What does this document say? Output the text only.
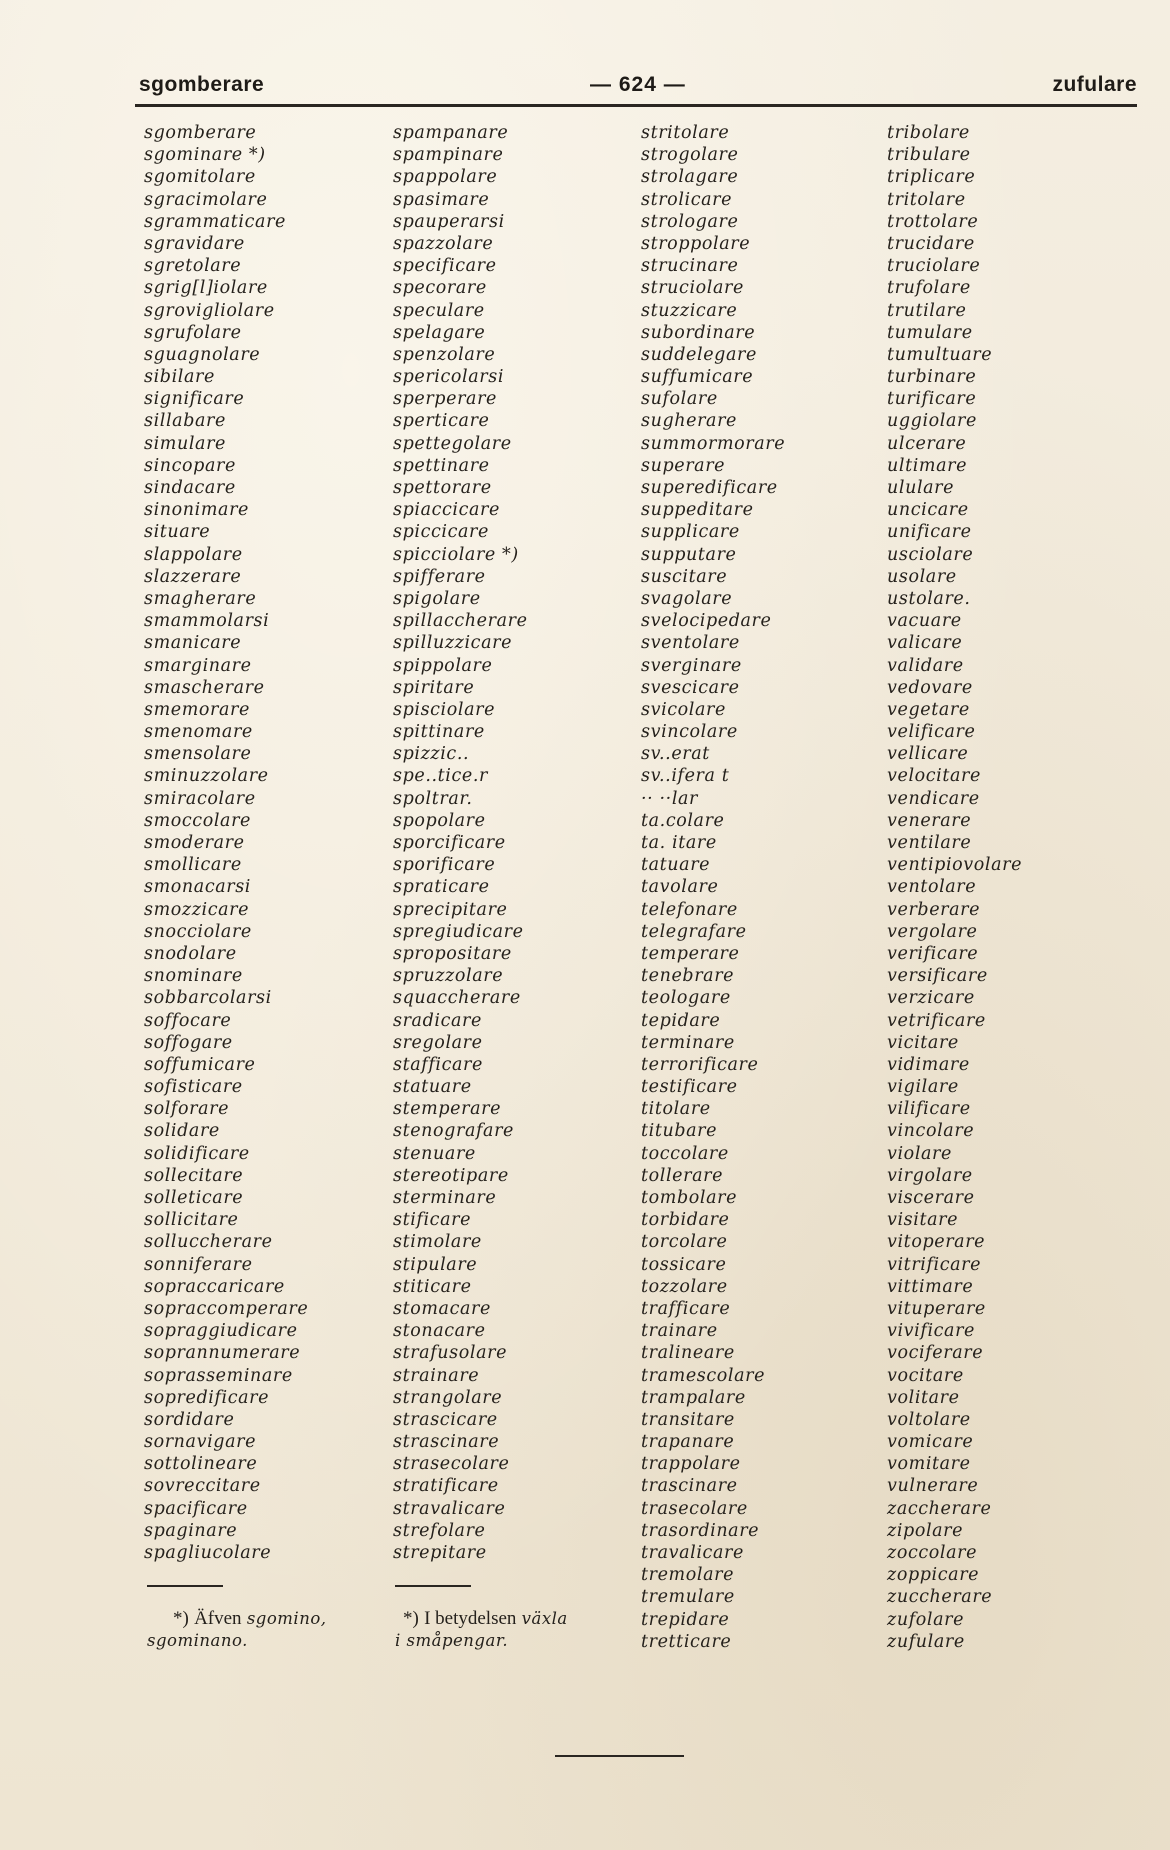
sgomberare	— 624 —	zufulare
sgomberare
sgominare *)
sgomitolare
sgracimolare
sgrammaticare
sgravidare
sgretolare
sgrig[l]iolare
sgrovigliolare
sgrufolare
sguagnolare
sibilare
significare
sillabare
simulare
sincopare
sindacare
sinonimare
situare
slappolare
slazzerare
smagherare
smammolarsi
smanicare
smarginare
smascherare
smemorare
smenomare
smensolare
sminuzzolare
smiracolare
smoccolare
smoderare
smollicare
smonacarsi
smozzicare
snocciolare
snodolare
snominare
sobbarcolarsi
soffocare
soffogare
soffumicare
sofisticare
solforare
solidare
solidificare
sollecitare
solleticare
sollicitare
solluccherare
sonniferare
sopraccaricare
sopraccomperare
sopraggiudicare
soprannumerare
soprasseminare
sopredificare
sordidare
sornavigare
sottolineare
sovreccitare
spacificare
spaginare
spagliucolare
spampanare
spampinare
spappolare
spasimare
spauperarsi
spazzolare
specificare
specorare
speculare
spelagare
spenzolare
spericolarsi
sperperare
sperticare
spettegolare
spettinare
spettorare
spiaccicare
spiccicare
spicciolare *)
spifferare
spigolare
spillaccherare
spilluzzicare
spippolare
spiritare
spisciolare
spittinare
spizzic..
spe..tice.r
spoltrar.
spopolare
sporcificare
sporificare
spraticare
sprecipitare
spregiudicare
spropositare
spruzzolare
squaccherare
sradicare
sregolare
stafficare
statuare
stemperare
stenografare
stenuare
stereotipare
sterminare
stificare
stimolare
stipulare
stiticare
stomacare
stonacare
strafusolare
strainare
strangolare
strascicare
strascinare
strasecolare
stratificare
stravalicare
strefolare
strepitare
stritolare
strogolare
strolagare
strolicare
strologare
stroppolare
strucinare
struciolare
stuzzicare
subordinare
suddelegare
suffumicare
sufolare
sugherare
summormorare
superare
superedificare
suppeditare
supplicare
supputare
suscitare
svagolare
svelocipedare
sventolare
sverginare
svescicare
svicolare
svincolare
sv..erat
sv..ifera t
·· ··lar
ta.colare
ta. itare
tatuare
tavolare
telefonare
telegrafare
temperare
tenebrare
teologare
tepidare
terminare
terrorificare
testificare
titolare
titubare
toccolare
tollerare
tombolare
torbidare
torcolare
tossicare
tozzolare
trafficare
trainare
tralineare
tramescolare
trampalare
transitare
trapanare
trappolare
trascinare
trasecolare
trasordinare
travalicare
tremolare
tremulare
trepidare
tretticare
tribolare
tribulare
triplicare
tritolare
trottolare
trucidare
truciolare
trufolare
trutilare
tumulare
tumultuare
turbinare
turificare
uggiolare
ulcerare
ultimare
ululare
uncicare
unificare
usciolare
usolare
ustolare.
vacuare
valicare
validare
vedovare
vegetare
velificare
vellicare
velocitare
vendicare
venerare
ventilare
ventipiovolare
ventolare
verberare
vergolare
verificare
versificare
verzicare
vetrificare
vicitare
vidimare
vigilare
vilificare
vincolare
violare
virgolare
viscerare
visitare
vitoperare
vitrificare
vittimare
vituperare
vivificare
vociferare
vocitare
volitare
voltolare
vomicare
vomitare
vulnerare
zaccherare
zipolare
zoccolare
zoppicare
zuccherare
zufolare
zufulare
*) Äfven sgomino,
sgominano.
*) I betydelsen växla
i småpengar.
